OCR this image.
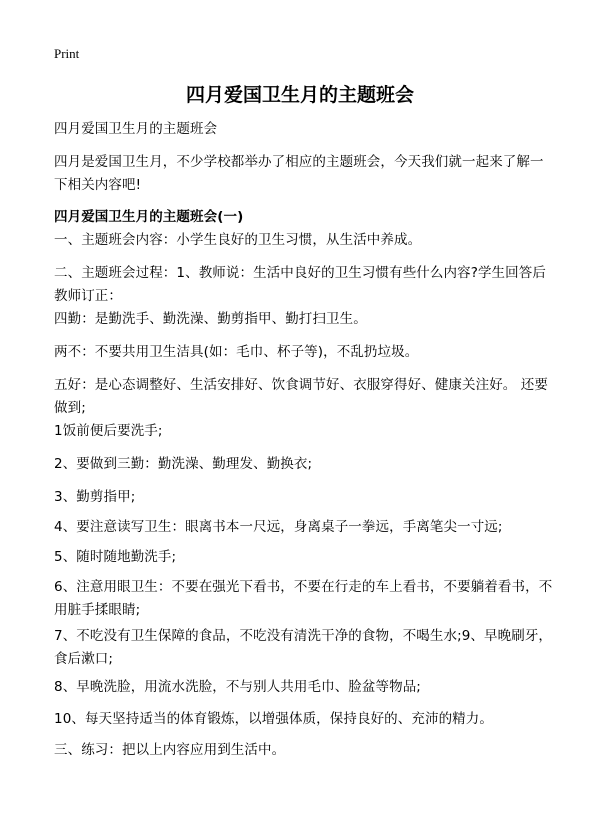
Print
四月爱国卫生月的主题班会

四月爱国卫生月的主题班会

四月是爱国卫生月，不少学校都举办了相应的主题班会，今天我们就一起来了解一下相关内容吧!

四月爱国卫生月的主题班会(一)

一、主题班会内容：小学生良好的卫生习惯，从生活中养成。

二、主题班会过程：1、教师说：生活中良好的卫生习惯有些什么内容?学生回答后教师订正：

四勤：是勤洗手、勤洗澡、勤剪指甲、勤打扫卫生。

两不：不要共用卫生洁具(如：毛巾、杯子等)，不乱扔垃圾。

五好：是心态调整好、生活安排好、饮食调节好、衣服穿得好、健康关注好。 还要做到;

1饭前便后要洗手;

2、要做到三勤：勤洗澡、勤理发、勤换衣;

3、勤剪指甲;

4、要注意读写卫生：眼离书本一尺远，身离桌子一拳远，手离笔尖一寸远;

5、随时随地勤洗手;

6、注意用眼卫生：不要在强光下看书，不要在行走的车上看书，不要躺着看书，不用脏手揉眼睛;

7、不吃没有卫生保障的食品，不吃没有清洗干净的食物，不喝生水;9、早晚刷牙，食后漱口;

8、早晚洗脸，用流水洗脸，不与别人共用毛巾、脸盆等物品;

10、每天坚持适当的体育锻炼，以增强体质，保持良好的、充沛的精力。

三、练习：把以上内容应用到生活中。
